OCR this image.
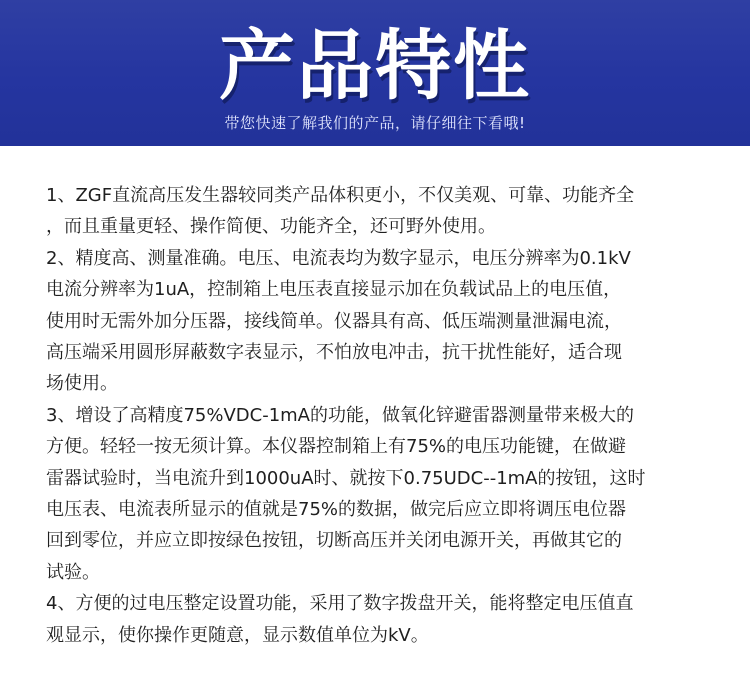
产品特性
带您快速了解我们的产品，请仔细往下看哦!
1、ZGF直流高压发生器较同类产品体积更小，不仅美观、可靠、功能齐全
，而且重量更轻、操作简便、功能齐全，还可野外使用。
2、精度高、测量准确。电压、电流表均为数字显示，电压分辨率为0.1kV
电流分辨率为1uA，控制箱上电压表直接显示加在负载试品上的电压值，
使用时无需外加分压器，接线简单。仪器具有高、低压端测量泄漏电流，
高压端采用圆形屏蔽数字表显示，不怕放电冲击，抗干扰性能好，适合现
场使用。
3、增设了高精度75%VDC-1mA的功能，做氧化锌避雷器测量带来极大的
方便。轻轻一按无须计算。本仪器控制箱上有75%的电压功能键，在做避
雷器试验时，当电流升到1000uA时、就按下0.75UDC--1mA的按钮，这时
电压表、电流表所显示的值就是75%的数据，做完后应立即将调压电位器
回到零位，并应立即按绿色按钮，切断高压并关闭电源开关，再做其它的
试验。
4、方便的过电压整定设置功能，采用了数字拨盘开关，能将整定电压值直
观显示，使你操作更随意，显示数值单位为kV。
